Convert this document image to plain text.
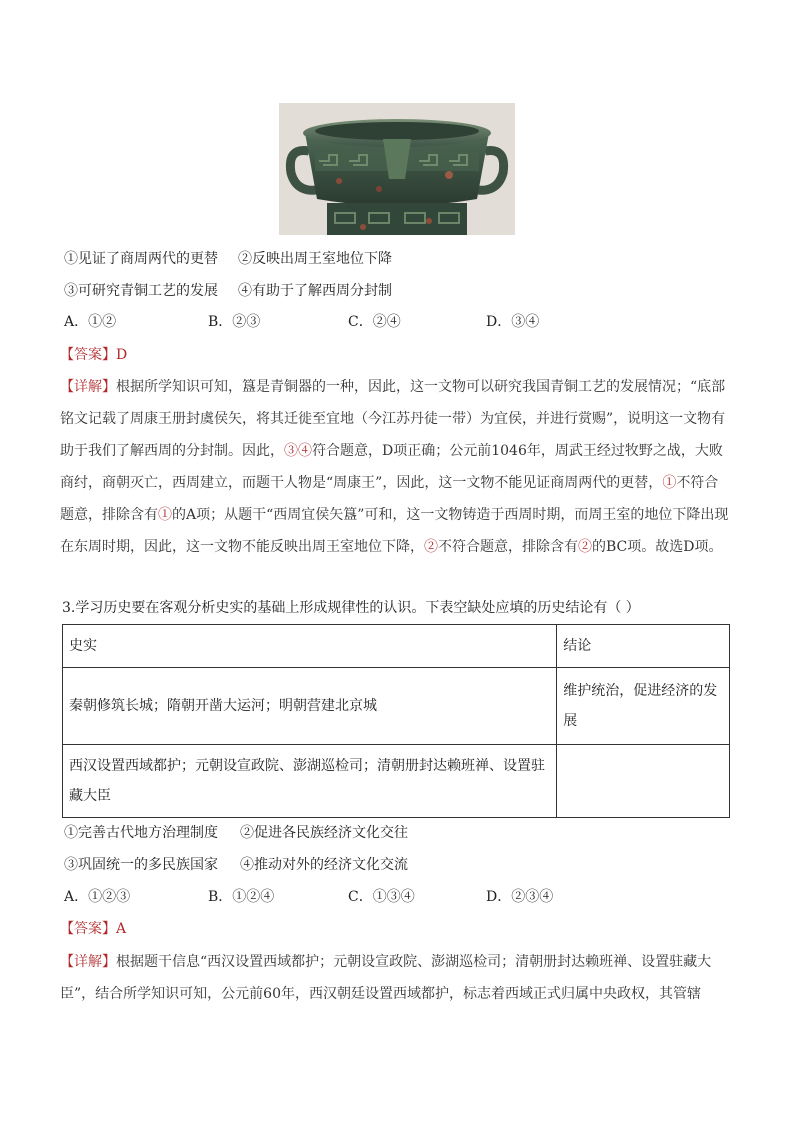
①见证了商周两代的更替 ②反映出周王室地位下降
③可研究青铜工艺的发展 ④有助于了解西周分封制
A．①②	B．②③	C．②④	D．③④
【答案】D
【详解】根据所学知识可知，簋是青铜器的一种，因此，这一文物可以研究我国青铜工艺的发展情况；“底部铭文记载了周康王册封虞侯矢，将其迁徙至宜地（今江苏丹徒一带）为宜侯，并进行赏赐”，说明这一文物有助于我们了解西周的分封制。因此，③④符合题意，D项正确；公元前1046年，周武王经过牧野之战，大败商纣，商朝灭亡，西周建立，而题干人物是“周康王”，因此，这一文物不能见证商周两代的更替，①不符合题意，排除含有①的A项；从题干“西周宜侯矢簋”可和，这一文物铸造于西周时期，而周王室的地位下降出现在东周时期，因此，这一文物不能反映出周王室地位下降，②不符合题意，排除含有②的BC项。故选D项。
3.学习历史要在客观分析史实的基础上形成规律性的认识。下表空缺处应填的历史结论有（ ）
史实	结论
秦朝修筑长城；隋朝开凿大运河；明朝营建北京城	维护统治，促进经济的发展
西汉设置西域都护；元朝设宣政院、澎湖巡检司；清朝册封达赖班禅、设置驻藏大臣	
①完善古代地方治理制度 ②促进各民族经济文化交往
③巩固统一的多民族国家 ④推动对外的经济文化交流
A．①②③	B．①②④	C．①③④	D．②③④
【答案】A
【详解】根据题干信息“西汉设置西域都护；元朝设宣政院、澎湖巡检司；清朝册封达赖班禅、设置驻藏大臣”，结合所学知识可知，公元前60年，西汉朝廷设置西域都护，标志着西域正式归属中央政权，其管辖
